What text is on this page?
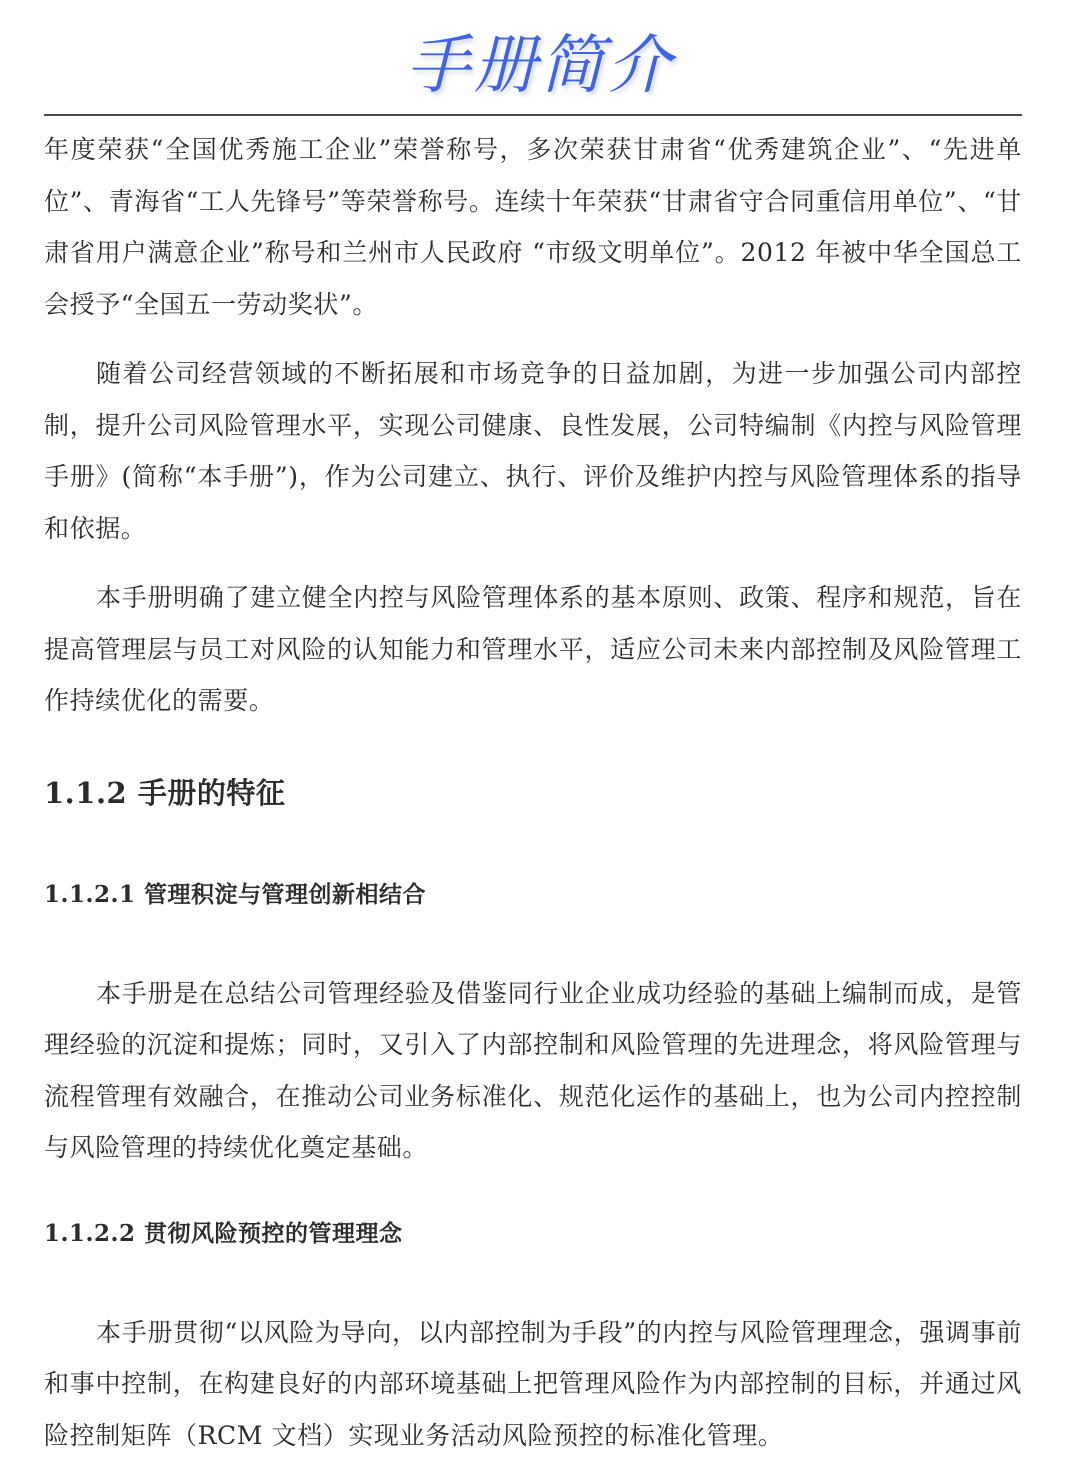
手册简介

年度荣获“全国优秀施工企业”荣誉称号，多次荣获甘肃省“优秀建筑企业”、“先进单位”、青海省“工人先锋号”等荣誉称号。连续十年荣获“甘肃省守合同重信用单位”、“甘肃省用户满意企业”称号和兰州市人民政府 “市级文明单位”。2012 年被中华全国总工会授予“全国五一劳动奖状”。

随着公司经营领域的不断拓展和市场竞争的日益加剧，为进一步加强公司内部控制，提升公司风险管理水平，实现公司健康、良性发展，公司特编制《内控与风险管理手册》(简称“本手册”)，作为公司建立、执行、评价及维护内控与风险管理体系的指导和依据。

本手册明确了建立健全内控与风险管理体系的基本原则、政策、程序和规范，旨在提高管理层与员工对风险的认知能力和管理水平，适应公司未来内部控制及风险管理工作持续优化的需要。

1.1.2 手册的特征
1.1.2.1 管理积淀与管理创新相结合

本手册是在总结公司管理经验及借鉴同行业企业成功经验的基础上编制而成，是管理经验的沉淀和提炼；同时，又引入了内部控制和风险管理的先进理念，将风险管理与流程管理有效融合，在推动公司业务标准化、规范化运作的基础上，也为公司内控控制与风险管理的持续优化奠定基础。

1.1.2.2 贯彻风险预控的管理理念

本手册贯彻“以风险为导向，以内部控制为手段”的内控与风险管理理念，强调事前和事中控制，在构建良好的内部环境基础上把管理风险作为内部控制的目标，并通过风险控制矩阵（RCM 文档）实现业务活动风险预控的标准化管理。
